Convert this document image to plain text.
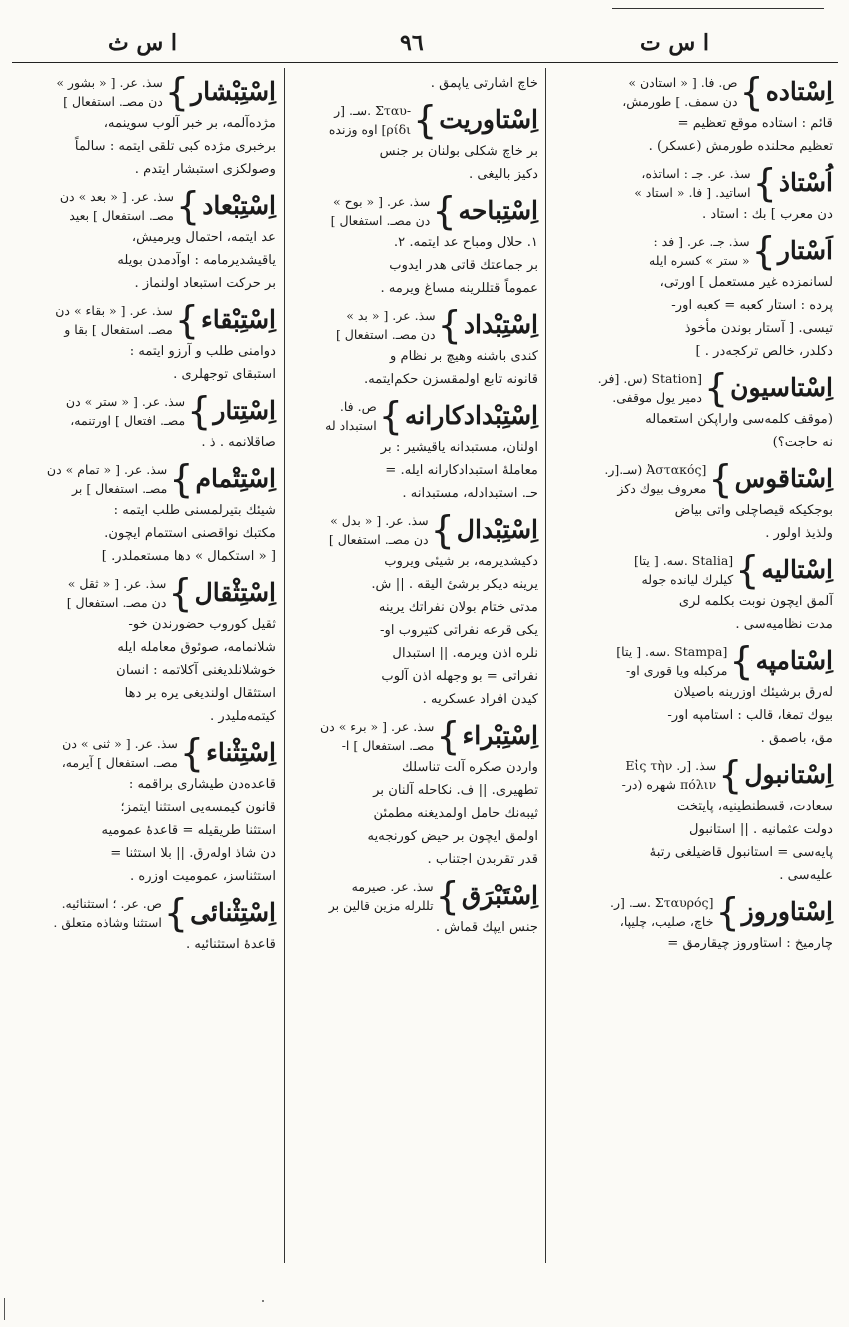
ا س ث	٩٦	ا س ت
اِسْتاده
}
ص. فا. [ « استادن »
دن سمف. ] طورمش،
قائم : استاده موقع تعظیم =
تعظیم محلنده طورمش (عسکر) .
اُسْتاذ
}
سذ. عر. جـ : اساتذه،
اساتید. [ فا. « استاد »
دن معرب ] بك : استاد .
اَسْتار
}
سذ. جـ. عر. [ فد :
« ستر » کسره ایله
لسانمزده غیر مستعمل ] اورتی،
پرده : استار کعبه = کعبه اور-
تیسی. [ آستار بوندن مأخوذ
دکلدر، خالص ترکجه‌در . ]
اِسْتاسیون
}
[Station (س. [فر.
دمیر یول موقفی.
(موقف کلمه‌سی واراپکن استعماله
نه حاجت؟)
اِسْتاقوس
}
[Ἀστακός (سـ.[ر.
معروف بیوك دکز
بوجکیکه قیصاچلی واتی بیاض
ولذیذ اولور .
اِسْتالیه
}
[Stalia .سه. [ یتا]
کیلرك لیانده جوله
آلمق ایچون نوبت بکلمه لری
مدت نظامیه‌سی .
اِسْتامپه
}
[Stampa .سه. [ یتا]
مرکبله ویا قوری او-
له‌رق برشیئك اوزرینه باصیلان
بیوك تمغا، قالب : استامپه اور-
مق، باصمق .
اِسْتانبول
}
سذ. [ر. Εἰς τὴν
πόλιν شهره (در-
سعادت، قسطنطینیه، پایتخت
دولت عثمانیه . || استانبول
پایه‌سی = استانبول قاضیلغی رتبهٔ
علیه‌سی .
اِسْتاوروز
}
[Σταυρός .سـ. [ر.
خاچ، صلیب، چلیپا،
چارمیخ : استاوروز چیقارمق =
خاچ اشارتی یاپمق .
اِسْتاوریت
}
-Σταυ .سـ. [ر
ρίδι] اوه وزنده
بر خاچ شکلی بولنان بر جنس
دکیز بالیغی .
اِسْتِباحه
}
سذ. عر. [ « بوح »
دن مصـ. استفعال ]
١. حلال ومباح عد ایتمه. ٢.
بر جماعتك قاتی هدر ایدوب
عموماً قتللرینه مساغ ویرمه .
اِسْتِبْداد
}
سذ. عر. [ « بد »
دن مصـ. استفعال ]
کندی باشنه وهیچ بر نظام و
قانونه تابع اولمقسزن حکم‌ایتمه.
اِسْتِبْدادکارانه
}
ص. فا.
استبداد له
اولنان، مستبدانه یاقیشیر : بر
معامله‌ٔ استبدادکارانه ایله. =
حـ. استبدادله، مستبدانه .
اِسْتِبْدال
}
سذ. عر. [ « بدل »
دن مصـ. استفعال ]
دکیشدیرمه، بر شیئی ویروب
یرینه دیکر برشیٔ الیقه . || ش.
مدتی ختام بولان نفراتك یرینه
یکی قرعه نفراتی کتیروب او-
نلره اذن ویرمه. || استبدال
نفراتی = بو وجهله اذن آلوب
کیدن افراد عسکریه .
اِسْتِبْراء
}
سذ. عر. [ « برء » دن
مصـ. استفعال ] ا-
واردن صکره آلت تناسلك
تطهیری. || ف. نکاحله آلنان بر
ثیبه‌نك حامل اولمدیغنه مطمئن
اولمق ایچون بر حیض کورنجه‌یه
قدر تقربدن اجتناب .
اِسْتَبْرَق
}
سذ. عر. صیرمه
تللرله مزین قالین بر
جنس ایپك قماش .
اِسْتِبْشار
}
سذ. عر. [ « بشور »
دن مصـ. استفعال ]
مژده‌آلمه، بر خبر آلوب سوینمه،
برخبری مژده کبی تلقی ایتمه : سالماً
وصولکزی استبشار ایتدم .
اِسْتِبْعاد
}
سذ. عر. [ « بعد » دن
مصـ. استفعال ] بعید
عد ایتمه، احتمال ویرمیش،
یاقیشدیرمامه : اوآدمدن بویله
بر حرکت استبعاد اولنماز .
اِسْتِبْقاء
}
سذ. عر. [ « بقاء » دن
مصـ. استفعال ] بقا و
دوامنی طلب و آرزو ایتمه :
استبقای توجهلری .
اِسْتِتار
}
سذ. عر. [ « ستر » دن
مصـ. افتعال ] اورتنمه،
صاقلانمه . ذ .
اِسْتِتْمام
}
سذ. عر. [ « تمام » دن
مصـ. استفعال ] بر
شیئك بتیرلمسنی طلب ایتمه :
مکتبك نواقصنی استتمام ایچون.
[ « استکمال » دها مستعملدر. ]
اِسْتِثْقال
}
سذ. عر. [ « ثقل »
دن مصـ. استفعال ]
ثقیل کوروب حضورندن خو-
شلانمامه، صوئوق معامله ایله
خوشلانلدیغنی آکلاتمه : انسان
استثقال اولندیغی یره بر دها
کیتمه‌ملیدر .
اِسْتِثْناء
}
سذ. عر. [ « ثنی » دن
مصـ. استفعال ] آیرمه،
قاعده‌دن طیشاری براقمه :
قانون کیمسه‌یی استثنا ایتمز؛
استثنا طریقیله = قاعدهٔ عمومیه
دن شاذ اوله‌رق. || بلا استثنا =
استثناسز، عمومیت اوزره .
اِسْتِثْنائی
}
ص. عر. ؛ استثنائیه.
استثنا وشاذه متعلق .
قاعدهٔ استثنائیه .
